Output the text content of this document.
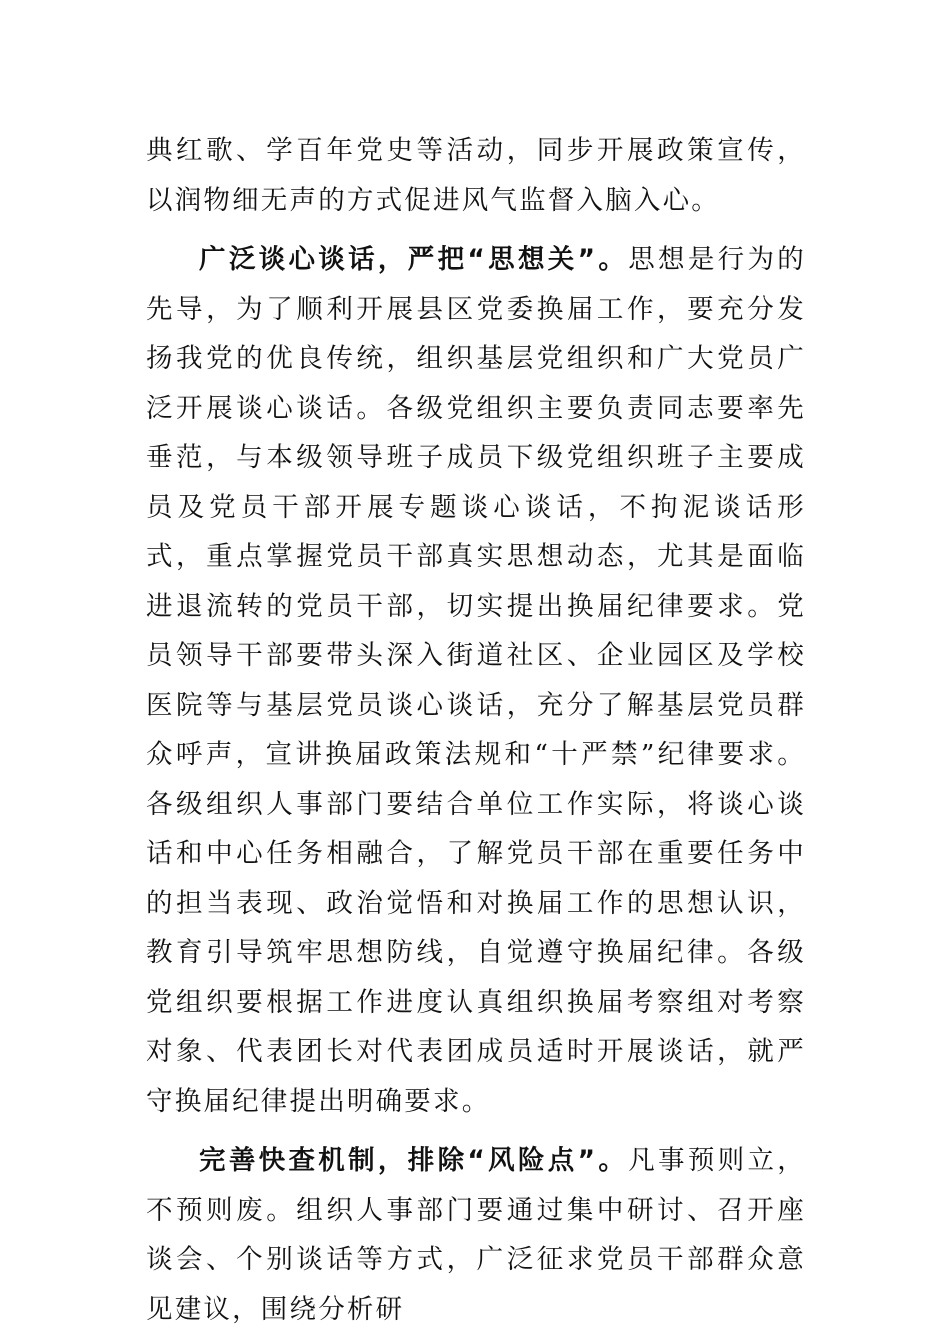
典红歌、学百年党史等活动，同步开展政策宣传，以润物细无声的方式促进风气监督入脑入心。

广泛谈心谈话，严把“思想关”。思想是行为的先导，为了顺利开展县区党委换届工作，要充分发扬我党的优良传统，组织基层党组织和广大党员广泛开展谈心谈话。各级党组织主要负责同志要率先垂范，与本级领导班子成员下级党组织班子主要成员及党员干部开展专题谈心谈话，不拘泥谈话形式，重点掌握党员干部真实思想动态，尤其是面临进退流转的党员干部，切实提出换届纪律要求。党员领导干部要带头深入街道社区、企业园区及学校医院等与基层党员谈心谈话，充分了解基层党员群众呼声，宣讲换届政策法规和“十严禁”纪律要求。各级组织人事部门要结合单位工作实际，将谈心谈话和中心任务相融合，了解党员干部在重要任务中的担当表现、政治觉悟和对换届工作的思想认识，教育引导筑牢思想防线，自觉遵守换届纪律。各级党组织要根据工作进度认真组织换届考察组对考察对象、代表团长对代表团成员适时开展谈话，就严守换届纪律提出明确要求。

完善快查机制，排除“风险点”。凡事预则立，不预则废。组织人事部门要通过集中研讨、召开座谈会、个别谈话等方式，广泛征求党员干部群众意见建议，围绕分析研
